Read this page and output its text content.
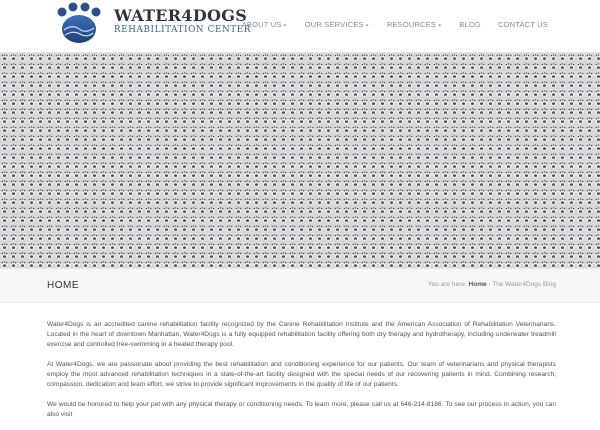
WATER4DOGS
REHABILITATION CENTER
ABOUT US▼ OUR SERVICES▼ RESOURCES▼ BLOG CONTACT US
HOME	You are here: Home › The Water4Dogs Blog

Water4Dogs is an accredited canine rehabilitation facility recognized by the Canine Rehabilitation Institute and the American Association of Rehabilitation Veterinarians. Located in the heart of downtown Manhattan, Water4Dogs is a fully equipped rehabilitation facility offering both dry therapy and hydrotherapy, including underwater treadmill exercise and controlled free-swimming in a heated therapy pool.

At Water4Dogs, we are passionate about providing the best rehabilitation and conditioning experience for our patients. Our team of veterinarians and physical therapists employ the most advanced rehabilitation techniques in a state-of-the-art facility designed with the special needs of our recovering patients in mind. Combining research, compassion, dedication and team effort, we strive to provide significant improvements in the quality of life of our patients.

We would be honored to help your pet with any physical therapy or conditioning needs. To learn more, please call us at 646-214-8186. To see our process in action, you can also visit
